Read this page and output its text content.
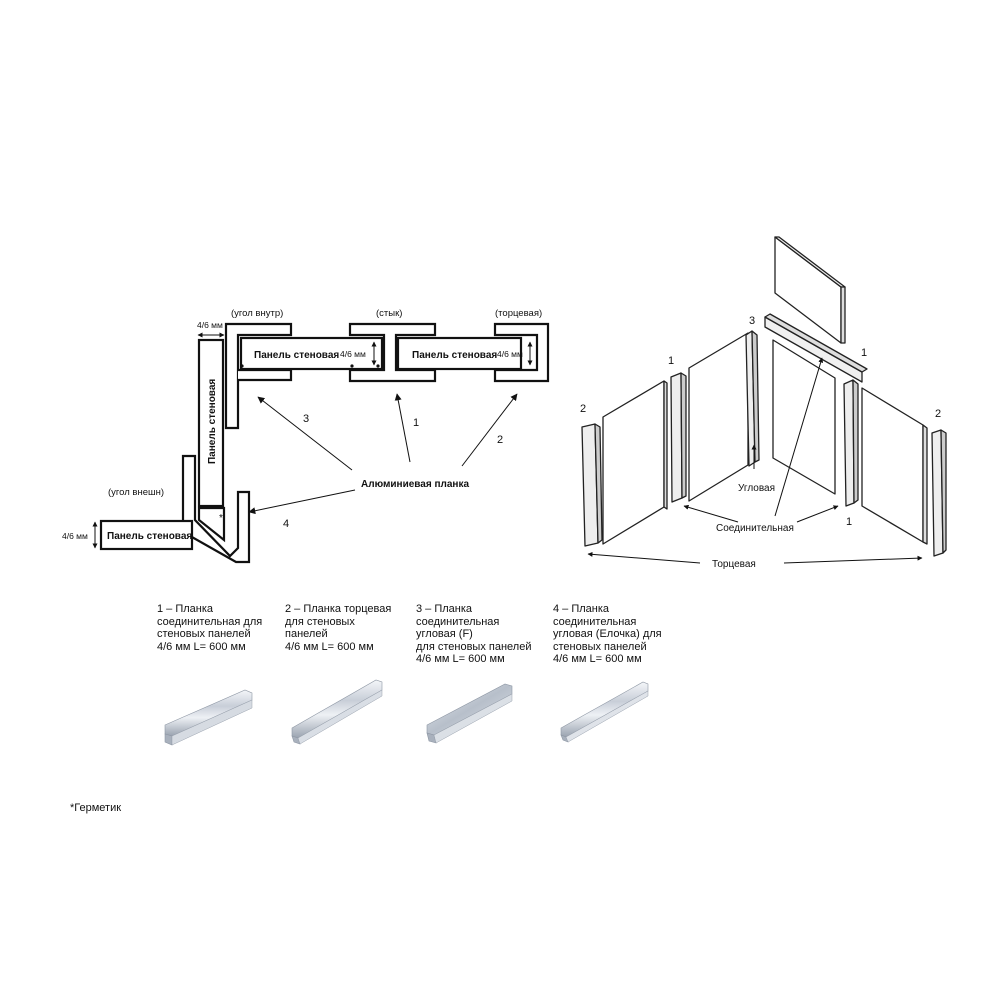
(угол внутр)	(стык)	(торцевая)
(угол внешн)
Панель стеновая	Панель стеновая
Панель стеновая
Панель стеновая
4/6 мм	4/6 мм
4/6 мм
4/6 мм
*
Алюминиевая планка
3	1
2
4
3
1
1
1
2	2
Угловая
Соединительная
Торцевая
1 – Планка
соединительная для
стеновых панелей
4/6 мм L= 600 мм
2 – Планка торцевая
для стеновых
панелей
4/6 мм L= 600 мм
3 – Планка
соединительная
угловая (F)
для стеновых панелей
4/6 мм L= 600 мм
4 – Планка
соединительная
угловая (Елочка) для
стеновых панелей
4/6 мм L= 600 мм
*Герметик
